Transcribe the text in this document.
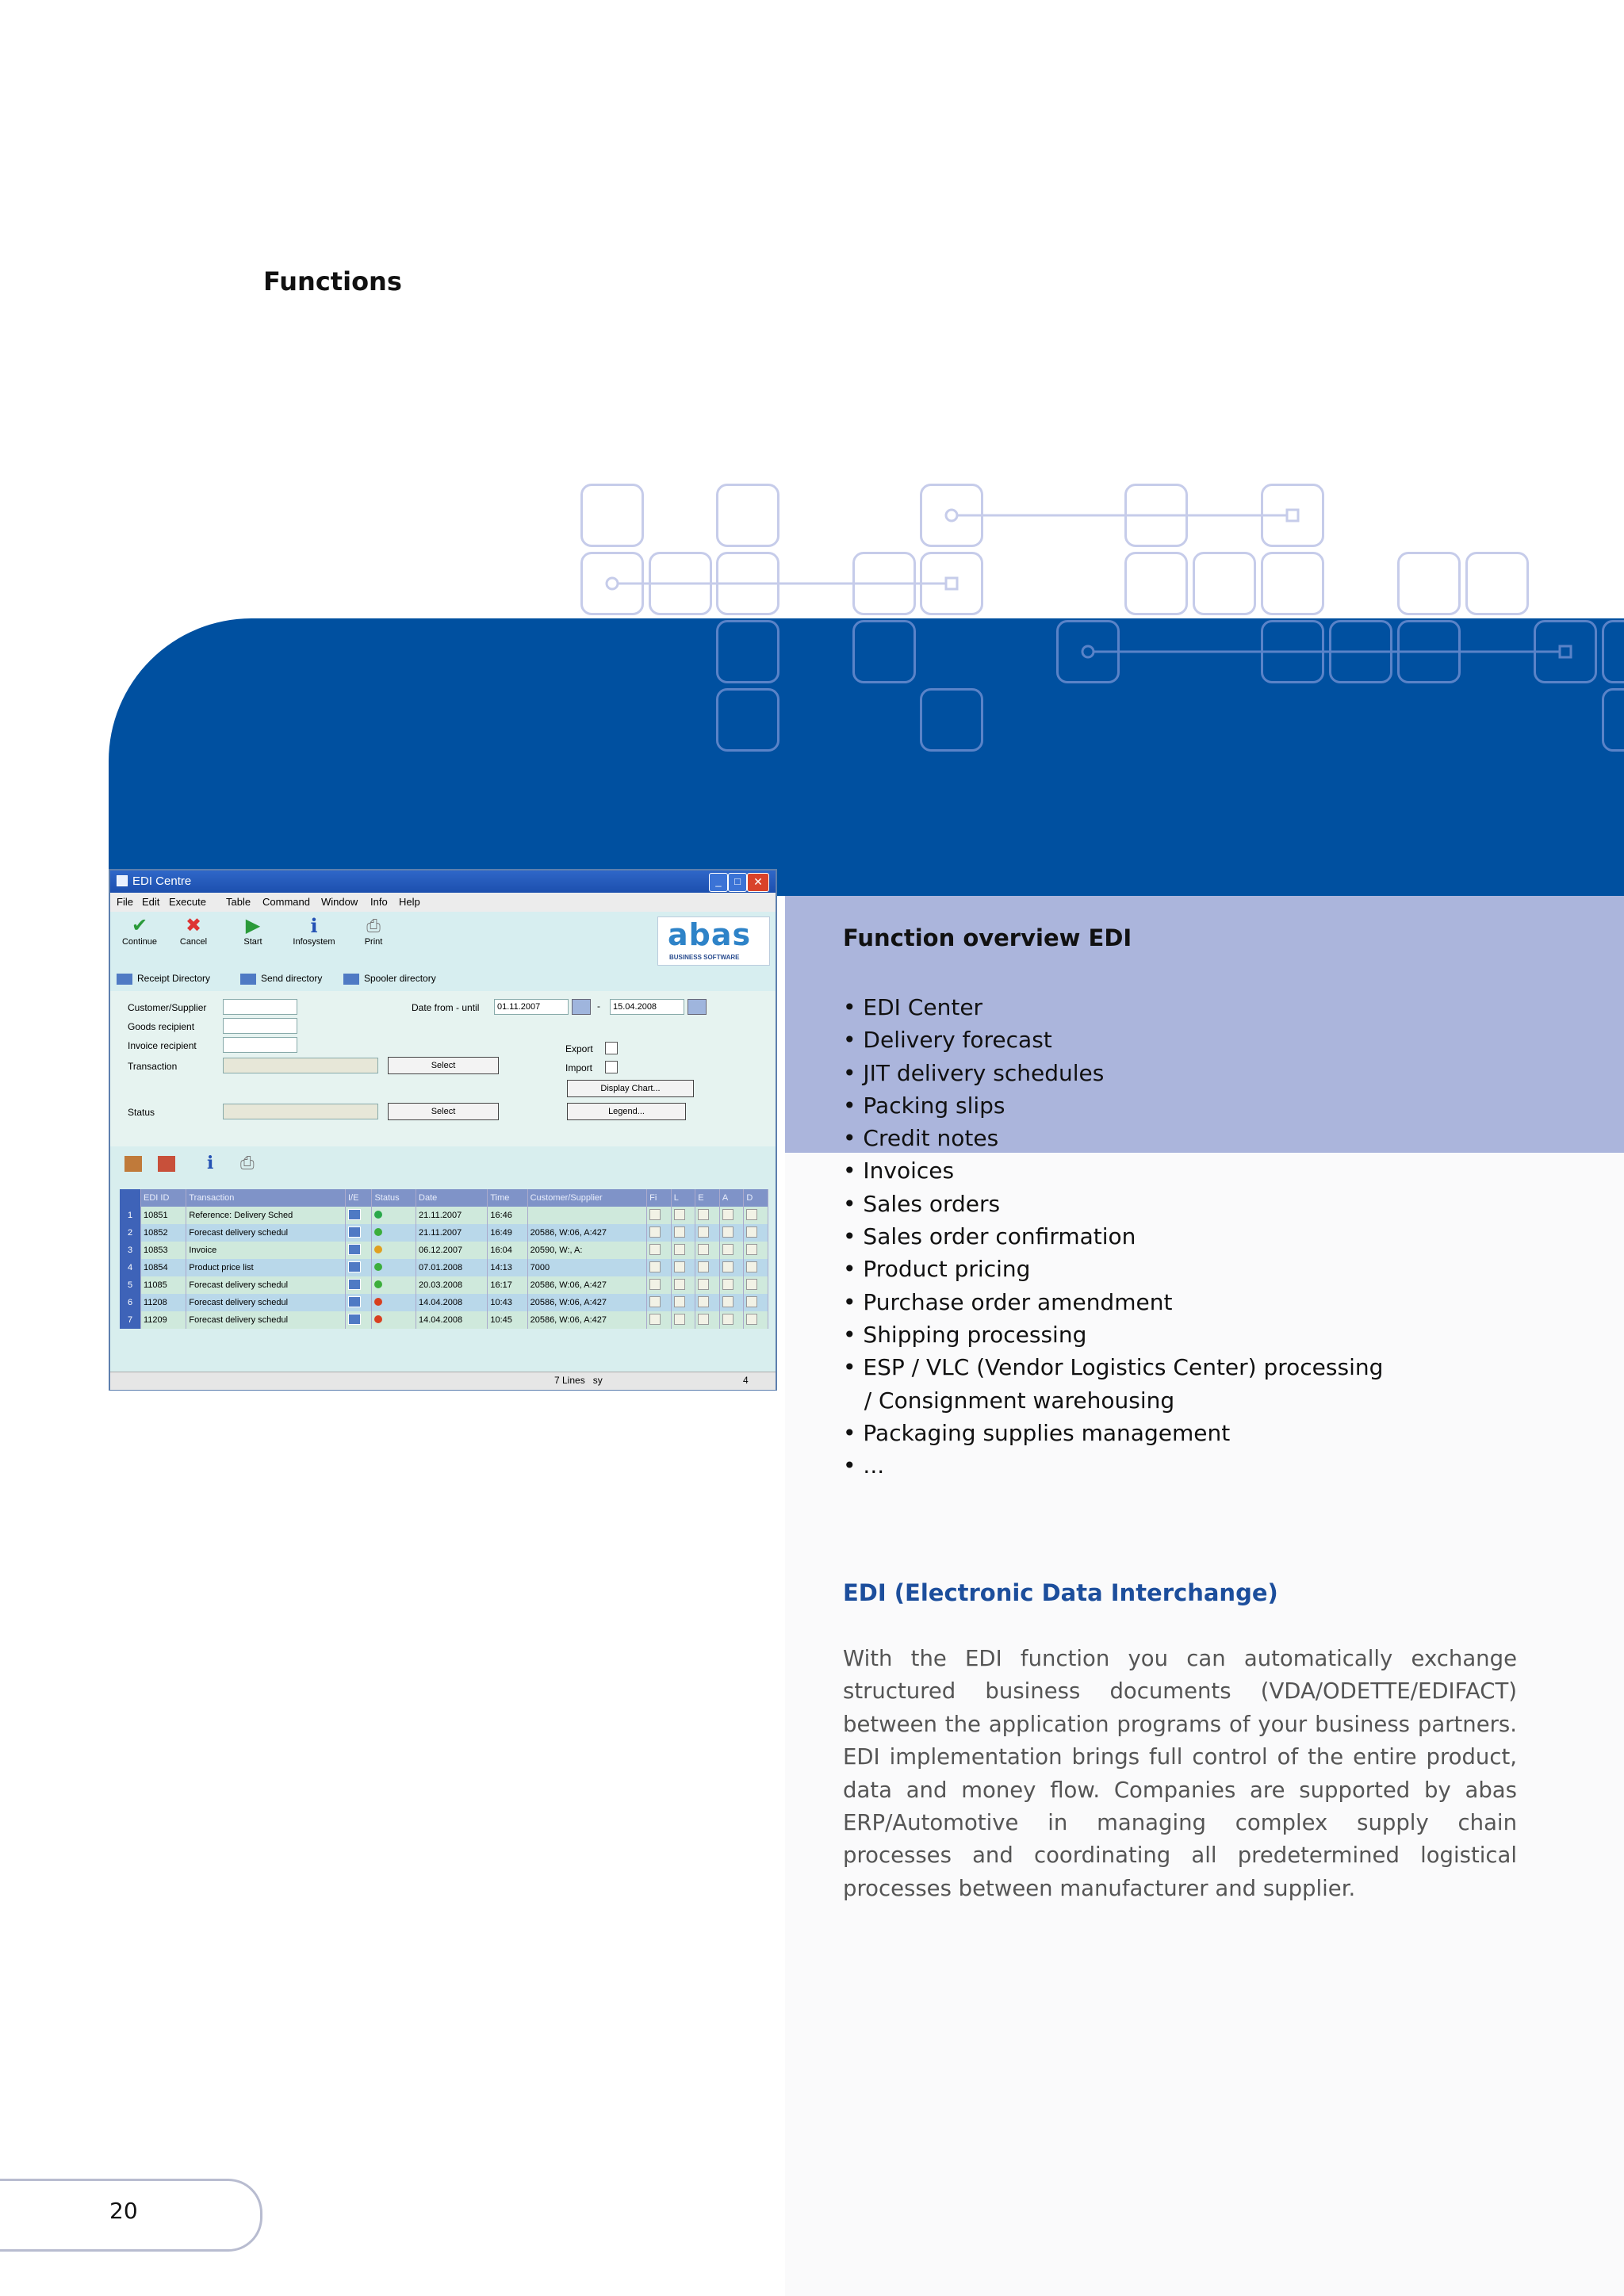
Functions
EDI Centre	_	□	✕
File Edit Execute Table Command Window Info Help
✔
Continue
✖
Cancel
▶
Start
i
Infosystem
⎙
Print	abas
BUSINESS SOFTWARE
Receipt Directory	Send directory	Spooler directory
Customer/Supplier
Goods recipient
Invoice recipient
Transaction	Select
Status	Select
Date from - until	01.11.2007	-	15.04.2008
Export
Import
Display Chart...
Legend...
i ⎙
	EDI ID	Transaction	I/E	Status	Date	Time	Customer/Supplier	Fi	L	E	A	D
1	10851	Reference: Delivery Sched			21.11.2007	16:46						
2	10852	Forecast delivery schedul			21.11.2007	16:49	20586, W:06, A:427					
3	10853	Invoice			06.12.2007	16:04	20590, W:, A:					
4	10854	Product price list			07.01.2008	14:13	7000					
5	11085	Forecast delivery schedul			20.03.2008	16:17	20586, W:06, A:427					
6	11208	Forecast delivery schedul			14.04.2008	10:43	20586, W:06, A:427					
7	11209	Forecast delivery schedul			14.04.2008	10:45	20586, W:06, A:427					
7 Lines   sy	4
Function overview EDI
• EDI Center
• Delivery forecast
• JIT delivery schedules
• Packing slips
• Credit notes
• Invoices
• Sales orders
• Sales order confirmation
• Product pricing
• Purchase order amendment
• Shipping processing
• ESP / VLC (Vendor Logistics Center) processing
/ Consignment warehousing
• Packaging supplies management
• ...
EDI (Electronic Data Interchange)
With the EDI function you can automatically exchange structured business documents (VDA/ODETTE/EDIFACT) between the application programs of your business partners. EDI implementation brings full control of the entire product, data and money flow. Companies are supported by abas ERP/Automotive in managing complex supply chain processes and coordinating all predetermined logistical processes between manufacturer and supplier.
20
